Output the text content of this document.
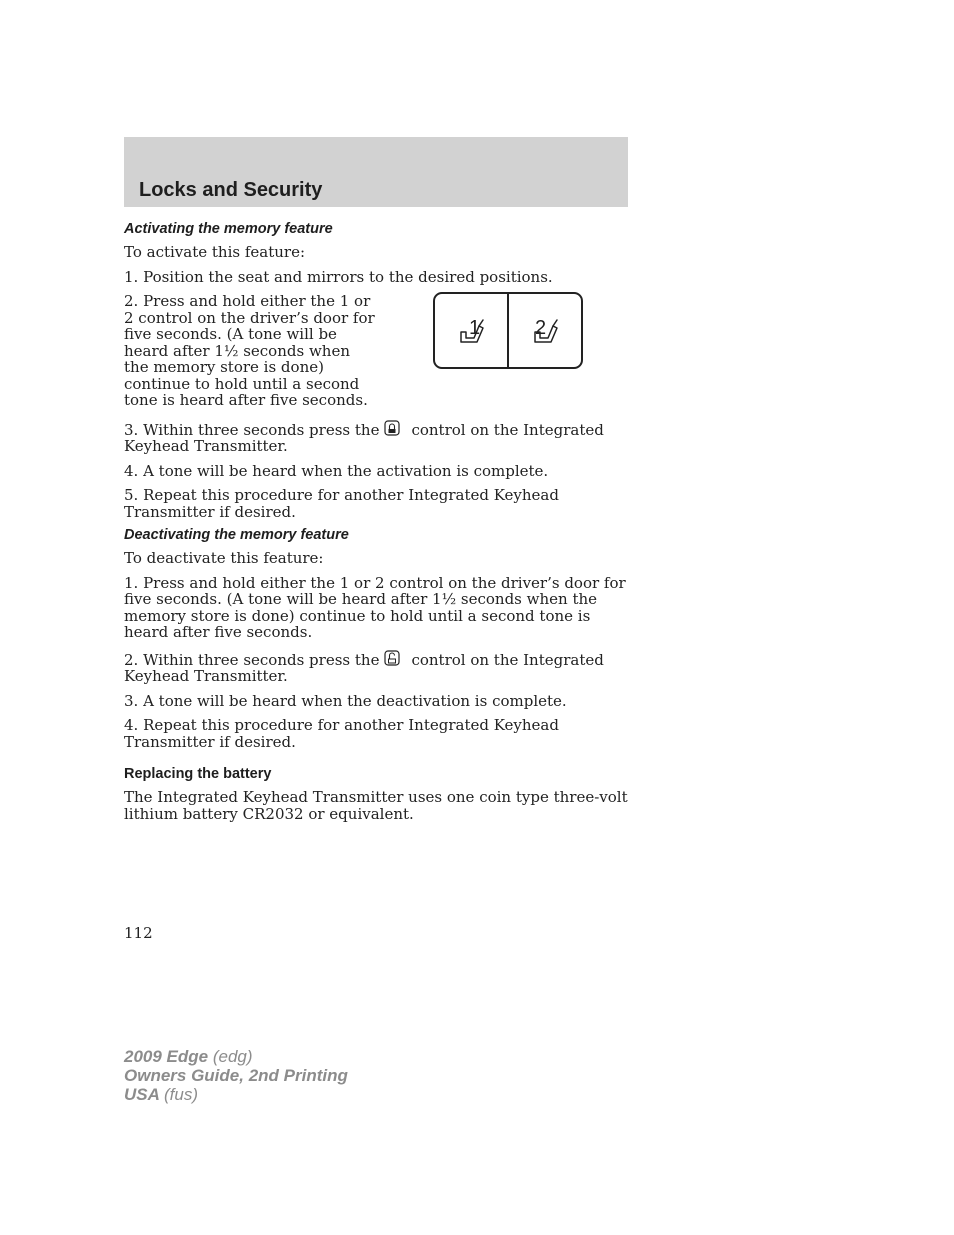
Locks and Security
Activating the memory feature

To activate this feature:

1. Position the seat and mirrors to the desired positions.

2. Press and hold either the 1 or 2 control on the driver’s door for five seconds. (A tone will be heard after 1½ seconds when the memory store is done) continue to hold until a second tone is heard after five seconds.

1	2

3. Within three seconds press the control on the Integrated Keyhead Transmitter.

4. A tone will be heard when the activation is complete.

5. Repeat this procedure for another Integrated Keyhead Transmitter if desired.

Deactivating the memory feature

To deactivate this feature:

1. Press and hold either the 1 or 2 control on the driver’s door for five seconds. (A tone will be heard after 1½ seconds when the memory store is done) continue to hold until a second tone is heard after five seconds.

2. Within three seconds press the control on the Integrated Keyhead Transmitter.

3. A tone will be heard when the deactivation is complete.

4. Repeat this procedure for another Integrated Keyhead Transmitter if desired.

Replacing the battery

The Integrated Keyhead Transmitter uses one coin type three-volt lithium battery CR2032 or equivalent.

112

2009 Edge (edg)
Owners Guide, 2nd Printing
USA (fus)
